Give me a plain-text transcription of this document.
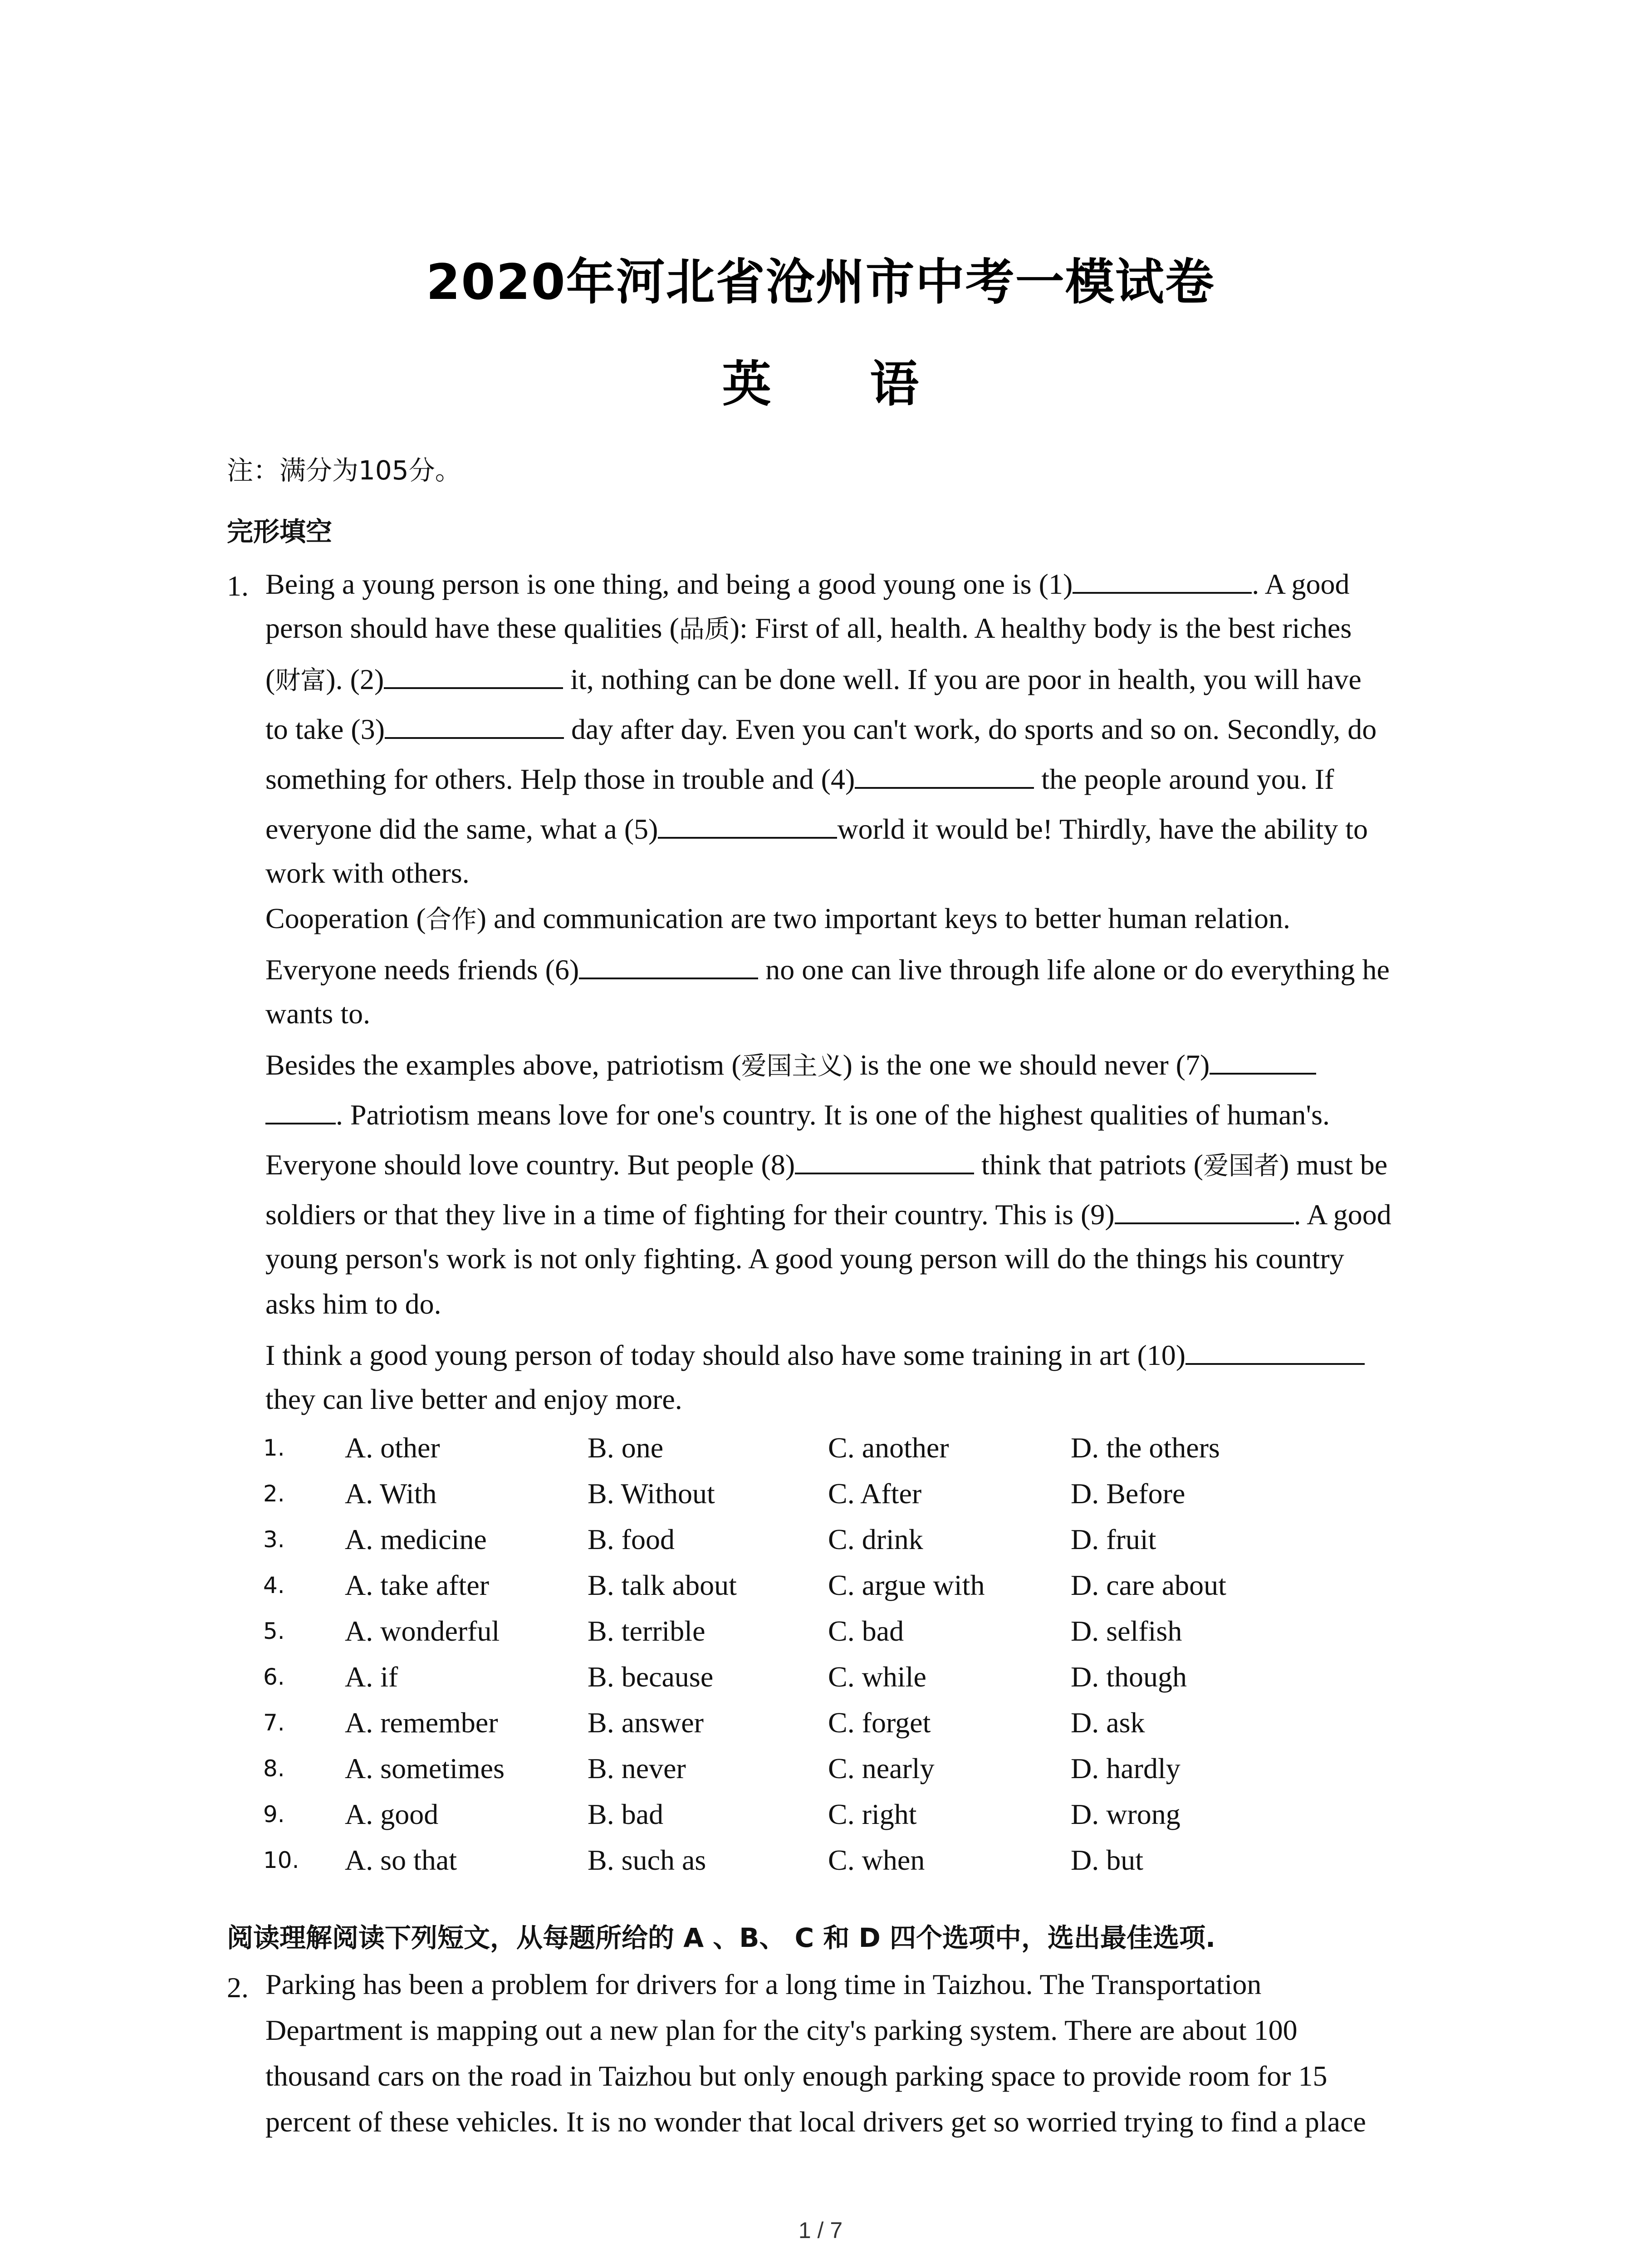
2020年河北省沧州市中考一模试卷
英 语
注：满分为105分。
完形填空
1. Being a young person is one thing, and being a good young one is (1)	. A good
person should have these qualities (品质): First of all, health. A healthy body is the best riches
(财富). (2)	it, nothing can be done well. If you are poor in health, you will have
to take (3)	day after day. Even you can't work, do sports and so on. Secondly, do
something for others. Help those in trouble and (4)	the people around you. If
everyone did the same, what a (5)	world it would be! Thirdly, have the ability to
work with others.
Cooperation (合作) and communication are two important keys to better human relation.
Everyone needs friends (6)	no one can live through life alone or do everything he
wants to.
Besides the examples above, patriotism (爱国主义) is the one we should never (7)
. Patriotism means love for one's country. It is one of the highest qualities of human's.
Everyone should love country. But people (8)	think that patriots (爱国者) must be
soldiers or that they live in a time of fighting for their country. This is (9)	. A good
young person's work is not only fighting. A good young person will do the things his country
asks him to do.
I think a good young person of today should also have some training in art (10)
they can live better and enjoy more.
1. A. other	B. one	C. another	D. the others
2. A. With	B. Without	C. After	D. Before
3. A. medicine	B. food	C. drink	D. fruit
4. A. take after	B. talk about	C. argue with	D. care about
5. A. wonderful	B. terrible	C. bad	D. selfish
6. A. if	B. because	C. while	D. though
7. A. remember	B. answer	C. forget	D. ask
8. A. sometimes	B. never	C. nearly	D. hardly
9. A. good	B. bad	C. right	D. wrong
10. A. so that	B. such as	C. when	D. but
阅读理解阅读下列短文，从每题所给的 A 、B、 C 和 D 四个选项中，选出最佳选项.
2. Parking has been a problem for drivers for a long time in Taizhou. The Transportation
Department is mapping out a new plan for the city's parking system. There are about 100
thousand cars on the road in Taizhou but only enough parking space to provide room for 15
percent of these vehicles. It is no wonder that local drivers get so worried trying to find a place
1 / 7
